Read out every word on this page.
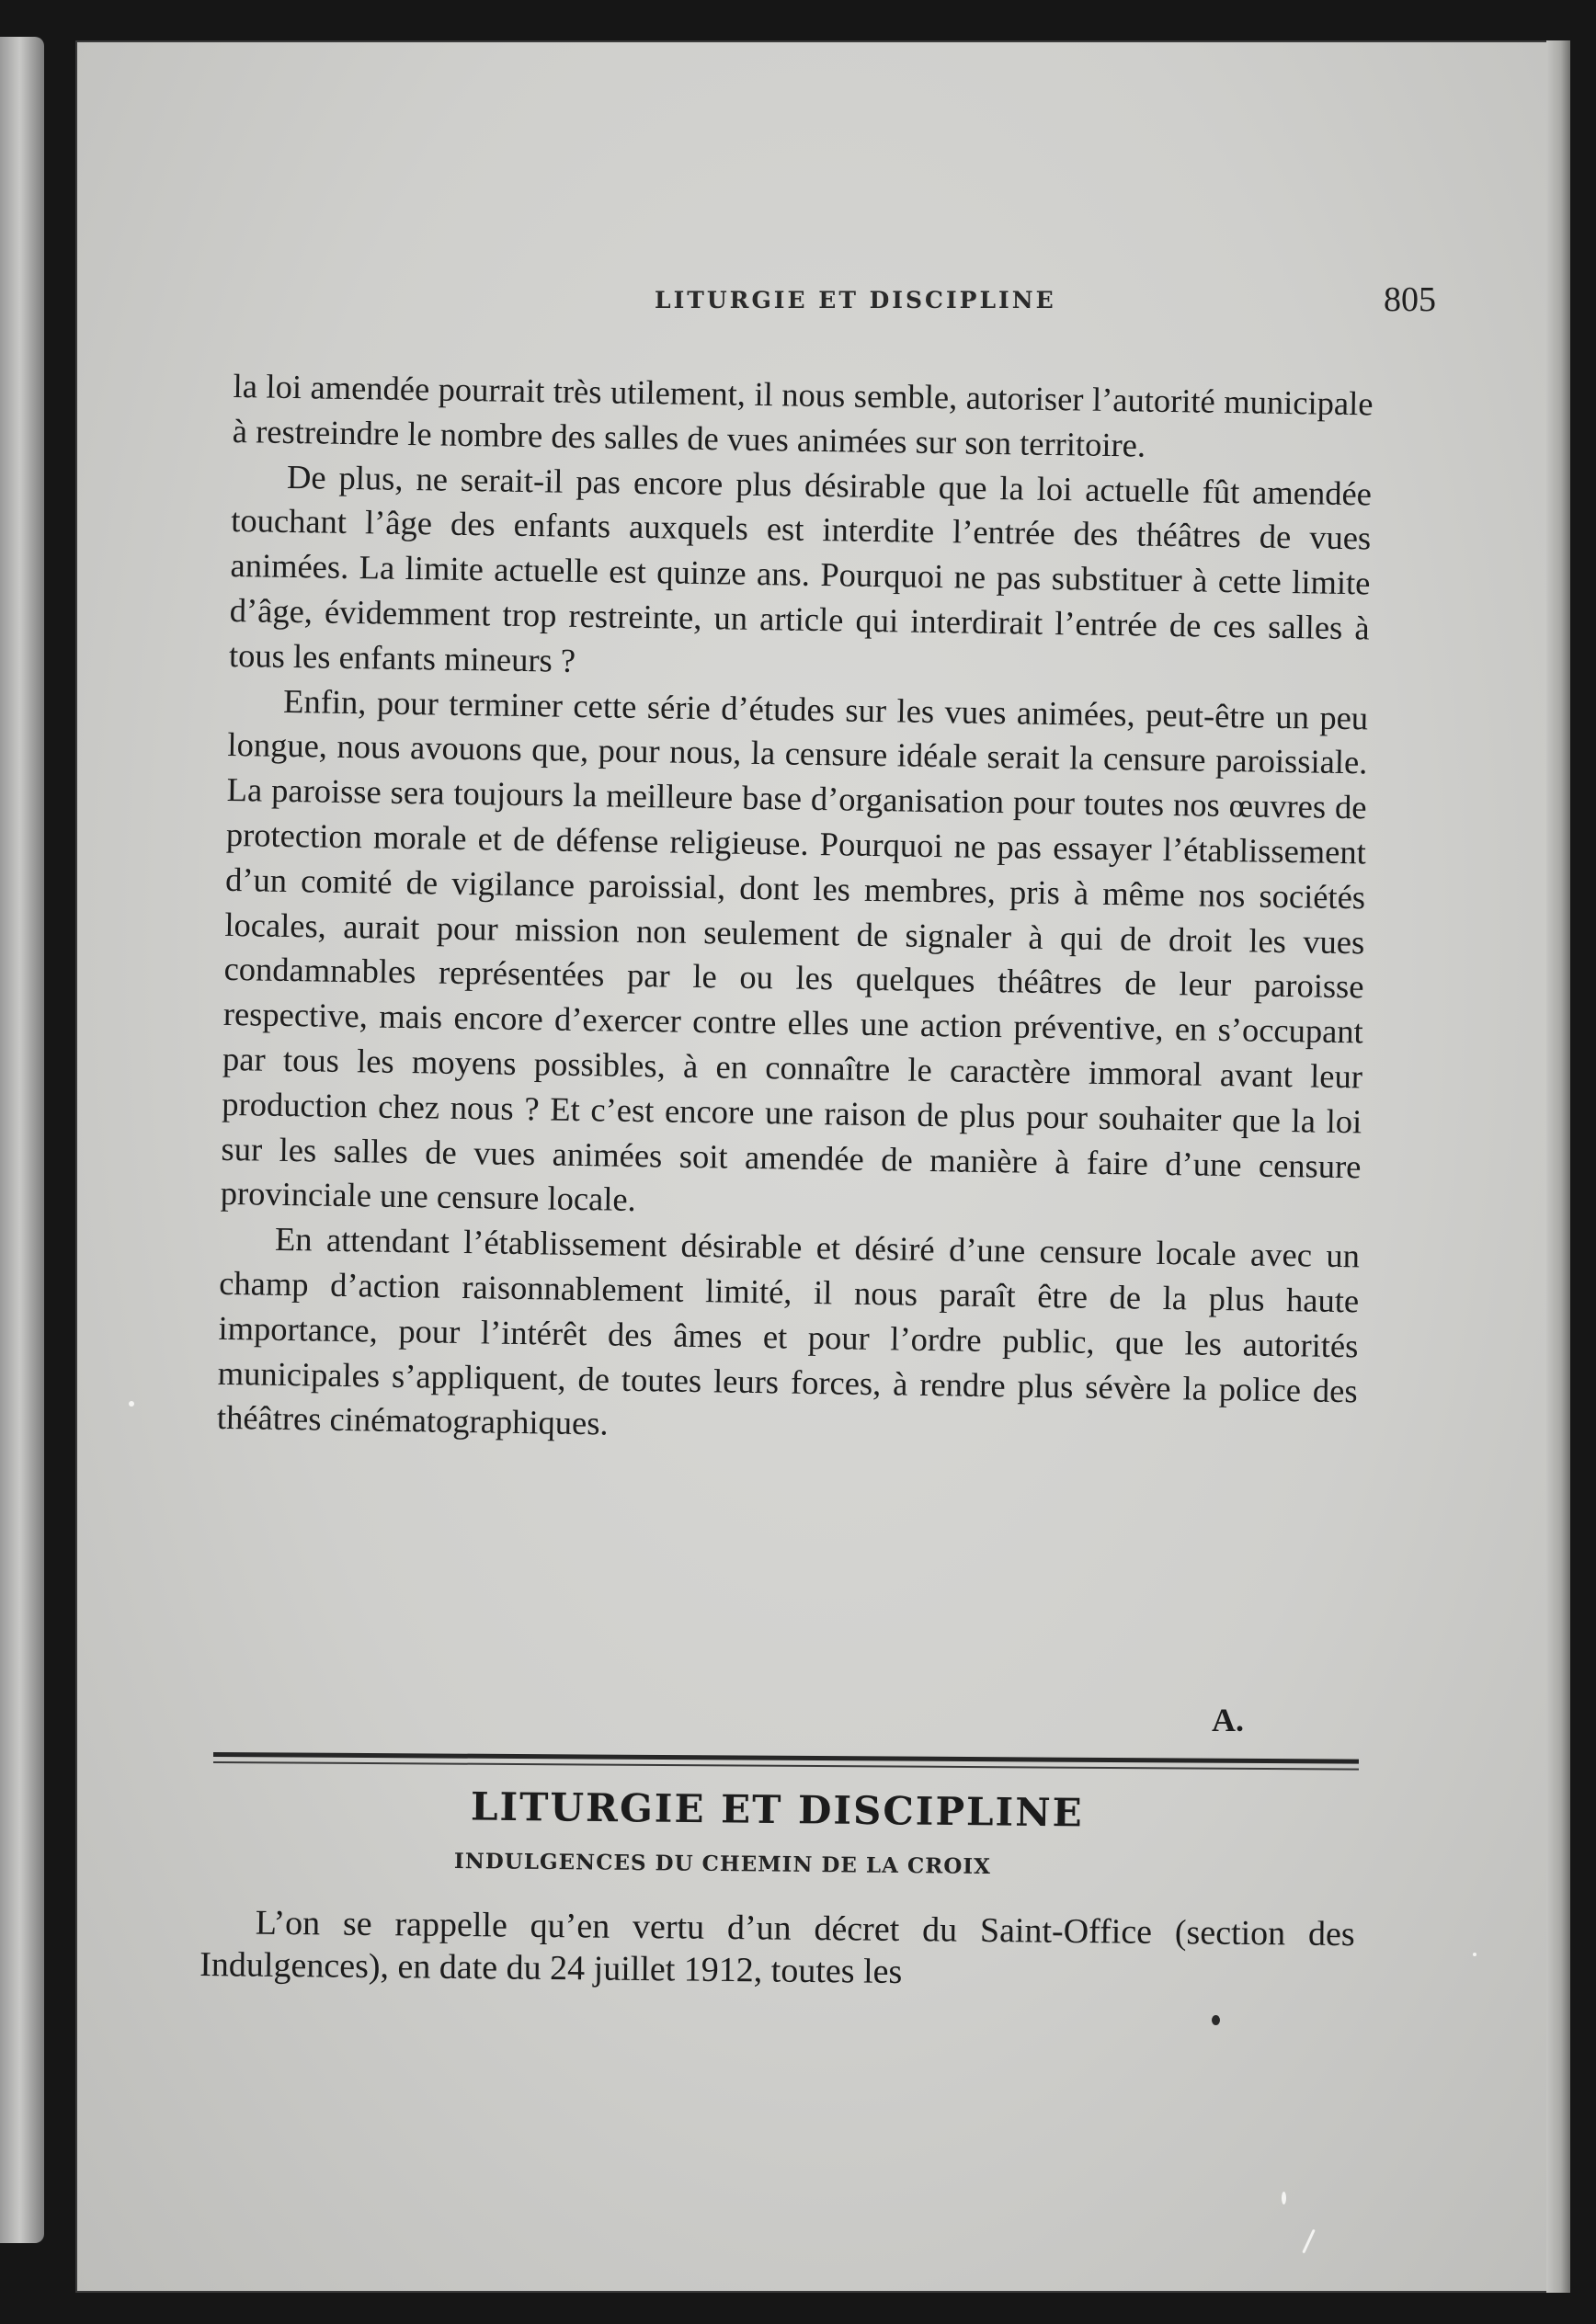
LITURGIE ET DISCIPLINE	805

la loi amendée pourrait très utilement, il nous semble, autoriser l’autorité municipale à restreindre le nombre des salles de vues animées sur son territoire.

De plus, ne serait-il pas encore plus désirable que la loi actuelle fût amendée touchant l’âge des enfants auxquels est interdite l’entrée des théâtres de vues animées. La limite actuelle est quinze ans. Pourquoi ne pas substituer à cette limite d’âge, évidemment trop restreinte, un article qui interdirait l’entrée de ces salles à tous les enfants mineurs ?

Enfin, pour terminer cette série d’études sur les vues animées, peut-être un peu longue, nous avouons que, pour nous, la censure idéale serait la censure paroissiale. La paroisse sera toujours la meilleure base d’organisation pour toutes nos œuvres de protection morale et de défense religieuse. Pourquoi ne pas essayer l’établissement d’un comité de vigilance paroissial, dont les membres, pris à même nos sociétés locales, aurait pour mission non seulement de signaler à qui de droit les vues condamnables représentées par le ou les quelques théâtres de leur paroisse respective, mais encore d’exercer contre elles une action préventive, en s’occupant par tous les moyens possibles, à en connaître le caractère immoral avant leur production chez nous ? Et c’est encore une raison de plus pour souhaiter que la loi sur les salles de vues animées soit amendée de manière à faire d’une censure provinciale une censure locale.

En attendant l’établissement désirable et désiré d’une censure locale avec un champ d’action raisonnablement limité, il nous paraît être de la plus haute importance, pour l’intérêt des âmes et pour l’ordre public, que les autorités municipales s’appliquent, de toutes leurs forces, à rendre plus sévère la police des théâtres cinématographiques.

A.
LITURGIE ET DISCIPLINE
INDULGENCES DU CHEMIN DE LA CROIX

L’on se rappelle qu’en vertu d’un décret du Saint-Office (section des Indulgences), en date du 24 juillet 1912, toutes les
